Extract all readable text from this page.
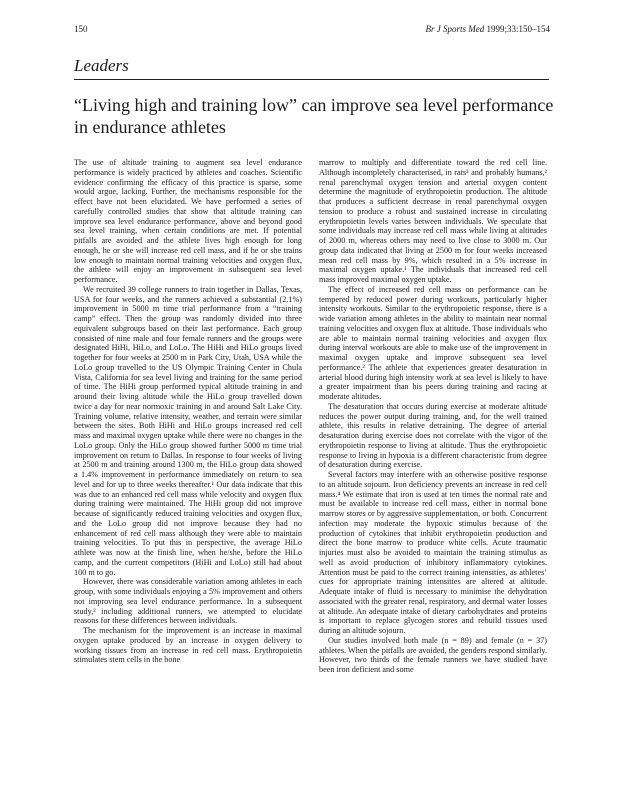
150	Br J Sports Med 1999;33:150–154
Leaders
“Living high and training low” can improve sea level performance in endurance athletes

The use of altitude training to augment sea level endurance performance is widely practiced by athletes and coaches. Scientific evidence confirming the efficacy of this practice is sparse, some would argue, lacking. Further, the mechanisms responsible for the effect have not been elucidated. We have performed a series of carefully controlled studies that show that altitude training can improve sea level endurance performance, above and beyond good sea level training, when certain conditions are met. If potential pitfalls are avoided and the athlete lives high enough for long enough, he or she will increase red cell mass, and if he or she trains low enough to maintain normal training velocities and oxygen flux, the athlete will enjoy an improvement in subsequent sea level performance.

We recruited 39 college runners to train together in Dallas, Texas, USA for four weeks, and the runners achieved a substantial (2.1%) improvement in 5000 m time trial performance from a “training camp” effect. Then the group was randomly divided into three equivalent subgroups based on their last performance. Each group consisted of nine male and four female runners and the groups were designated HiHi, HiLo, and LoLo. The HiHi and HiLo groups lived together for four weeks at 2500 m in Park City, Utah, USA while the LoLo group travelled to the US Olympic Training Center in Chula Vista, California for sea level living and training for the same period of time. The HiHi group performed typical altitude training in and around their living altitude while the HiLo group travelled down twice a day for near normoxic training in and around Salt Lake City. Training volume, relative intensity, weather, and terrain were similar between the sites. Both HiHi and HiLo groups increased red cell mass and maximal oxygen uptake while there were no changes in the LoLo group. Only the HiLo group showed further 5000 m time trial improvement on return to Dallas. In response to four weeks of living at 2500 m and training around 1300 m, the HiLo group data showed a 1.4% improvement in performance immediately on return to sea level and for up to three weeks thereafter.¹ Our data indicate that this was due to an enhanced red cell mass while velocity and oxygen flux during training were maintained. The HiHi group did not improve because of significantly reduced training velocities and oxygen flux, and the LoLo group did not improve because they had no enhancement of red cell mass although they were able to maintain training velocities. To put this in perspective, the average HiLo athlete was now at the finish line, when he/she, before the HiLo camp, and the current competitors (HiHi and LoLo) still had about 100 m to go.

However, there was considerable variation among athletes in each group, with some individuals enjoying a 5% improvement and others not improving sea level endurance performance. In a subsequent study,² including additional runners, we attempted to elucidate reasons for these differences between individuals.

The mechanism for the improvement is an increase in maximal oxygen uptake produced by an increase in oxygen delivery to working tissues from an increase in red cell mass. Erythropoietin stimulates stem cells in the bone

marrow to multiply and differentiate toward the red cell line. Although incompletely characterised, in rats³ and probably humans,² renal parenchymal oxygen tension and arterial oxygen content determine the magnitude of erythropoietin production. The altitude that produces a sufficient decrease in renal parenchymal oxygen tension to produce a robust and sustained increase in circulating erythropoietin levels varies between individuals. We speculate that some individuals may increase red cell mass while living at altitudes of 2000 m, whereas others may need to live close to 3000 m. Our group data indicated that living at 2500 m for four weeks increased mean red cell mass by 9%, which resulted in a 5% increase in maximal oxygen uptake.¹ The individuals that increased red cell mass improved maximal oxygen uptake.

The effect of increased red cell mass on performance can be tempered by reduced power during workouts, particularly higher intensity workouts. Similar to the erythropoietic response, there is a wide variation among athletes in the ability to maintain near normal training velocities and oxygen flux at altitude. Those individuals who are able to maintain normal training velocities and oxygen flux during interval workouts are able to make use of the improvement in maximal oxygen uptake and improve subsequent sea level performance.² The athlete that experiences greater desaturation in arterial blood during high intensity work at sea level is likely to have a greater impairment than his peers during training and racing at moderate altitudes.

The desaturation that occurs during exercise at moderate altitude reduces the power output during training, and, for the well trained athlete, this results in relative detraining. The degree of arterial desaturation during exercise does not correlate with the vigor of the erythropoietin response to living at altitude. Thus the erythropoietic response to living in hypoxia is a different characteristic from degree of desaturation during exercise.

Several factors may interfere with an otherwise positive response to an altitude sojourn. Iron deficiency prevents an increase in red cell mass.⁴ We estimate that iron is used at ten times the normal rate and must be available to increase red cell mass, either in normal bone marrow stores or by aggressive supplementation, or both. Concurrent infection may moderate the hypoxic stimulus because of the production of cytokines that inhibit erythropoietin production and direct the bone marrow to produce white cells. Acute traumatic injuries must also be avoided to maintain the training stimulus as well as avoid production of inhibitory inflammatory cytokines. Attention must be paid to the correct training intensities, as athletes’ cues for appropriate training intensities are altered at altitude. Adequate intake of fluid is necessary to minimise the dehydration associated with the greater renal, respiratory, and dermal water losses at altitude. An adequate intake of dietary carbohydrates and proteins is important to replace glycogen stores and rebuild tissues used during an altitude sojourn.

Our studies involved both male (n = 89) and female (n = 37) athletes. When the pitfalls are avoided, the genders respond similarly. However, two thirds of the female runners we have studied have been iron deficient and some
